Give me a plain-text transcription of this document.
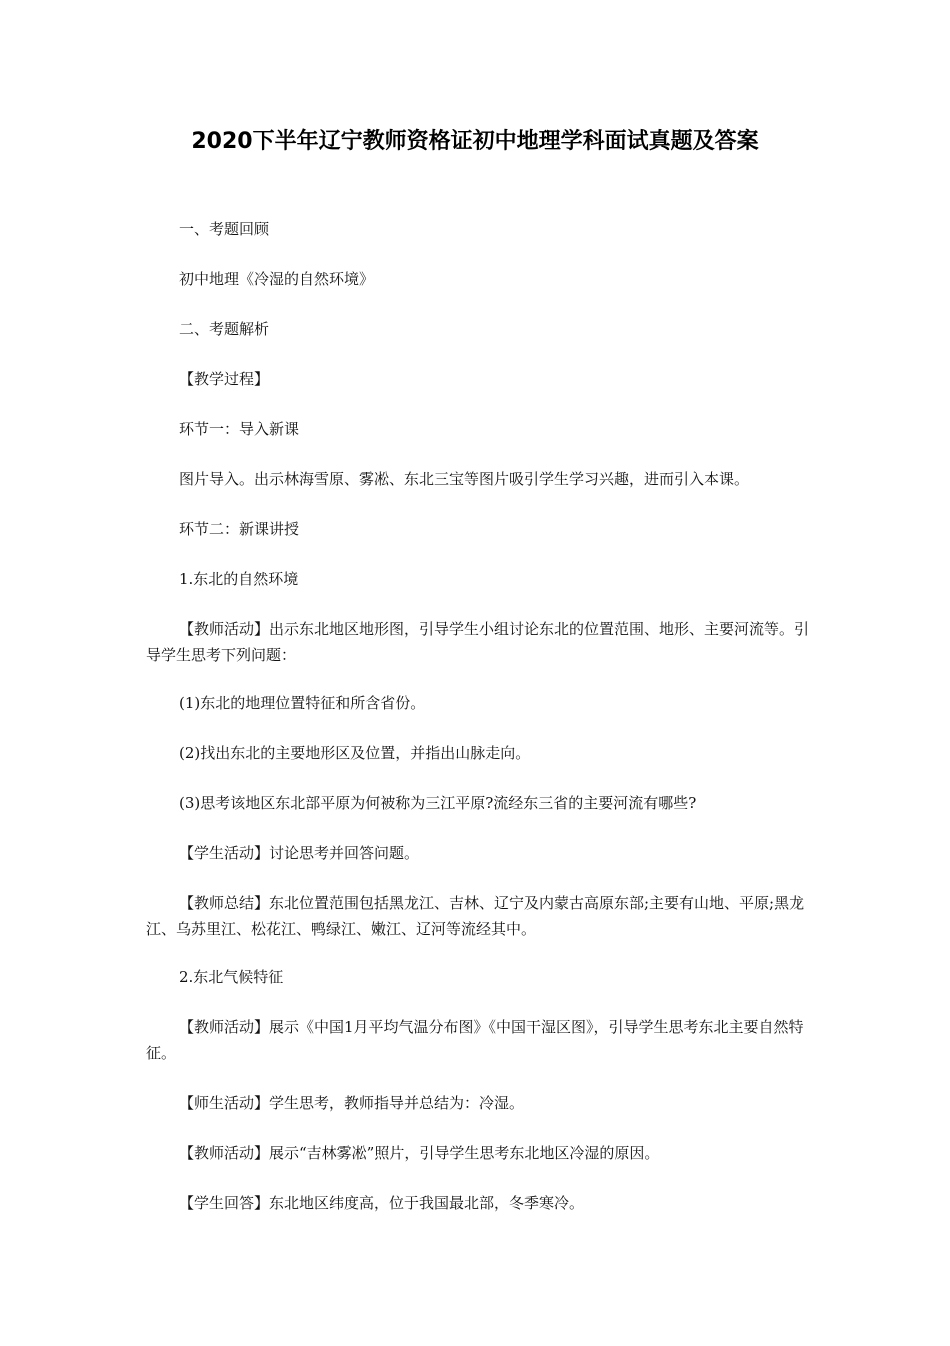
2020下半年辽宁教师资格证初中地理学科面试真题及答案

一、考题回顾

初中地理《冷湿的自然环境》

二、考题解析

【教学过程】

环节一：导入新课

图片导入。出示林海雪原、雾凇、东北三宝等图片吸引学生学习兴趣，进而引入本课。

环节二：新课讲授

1.东北的自然环境

【教师活动】出示东北地区地形图，引导学生小组讨论东北的位置范围、地形、主要河流等。引导学生思考下列问题：

(1)东北的地理位置特征和所含省份。

(2)找出东北的主要地形区及位置，并指出山脉走向。

(3)思考该地区东北部平原为何被称为三江平原?流经东三省的主要河流有哪些?

【学生活动】讨论思考并回答问题。

【教师总结】东北位置范围包括黑龙江、吉林、辽宁及内蒙古高原东部;主要有山地、平原;黑龙江、乌苏里江、松花江、鸭绿江、嫩江、辽河等流经其中。

2.东北气候特征

【教师活动】展示《中国1月平均气温分布图》《中国干湿区图》，引导学生思考东北主要自然特征。

【师生活动】学生思考，教师指导并总结为：冷湿。

【教师活动】展示“吉林雾凇”照片，引导学生思考东北地区冷湿的原因。

【学生回答】东北地区纬度高，位于我国最北部，冬季寒冷。
